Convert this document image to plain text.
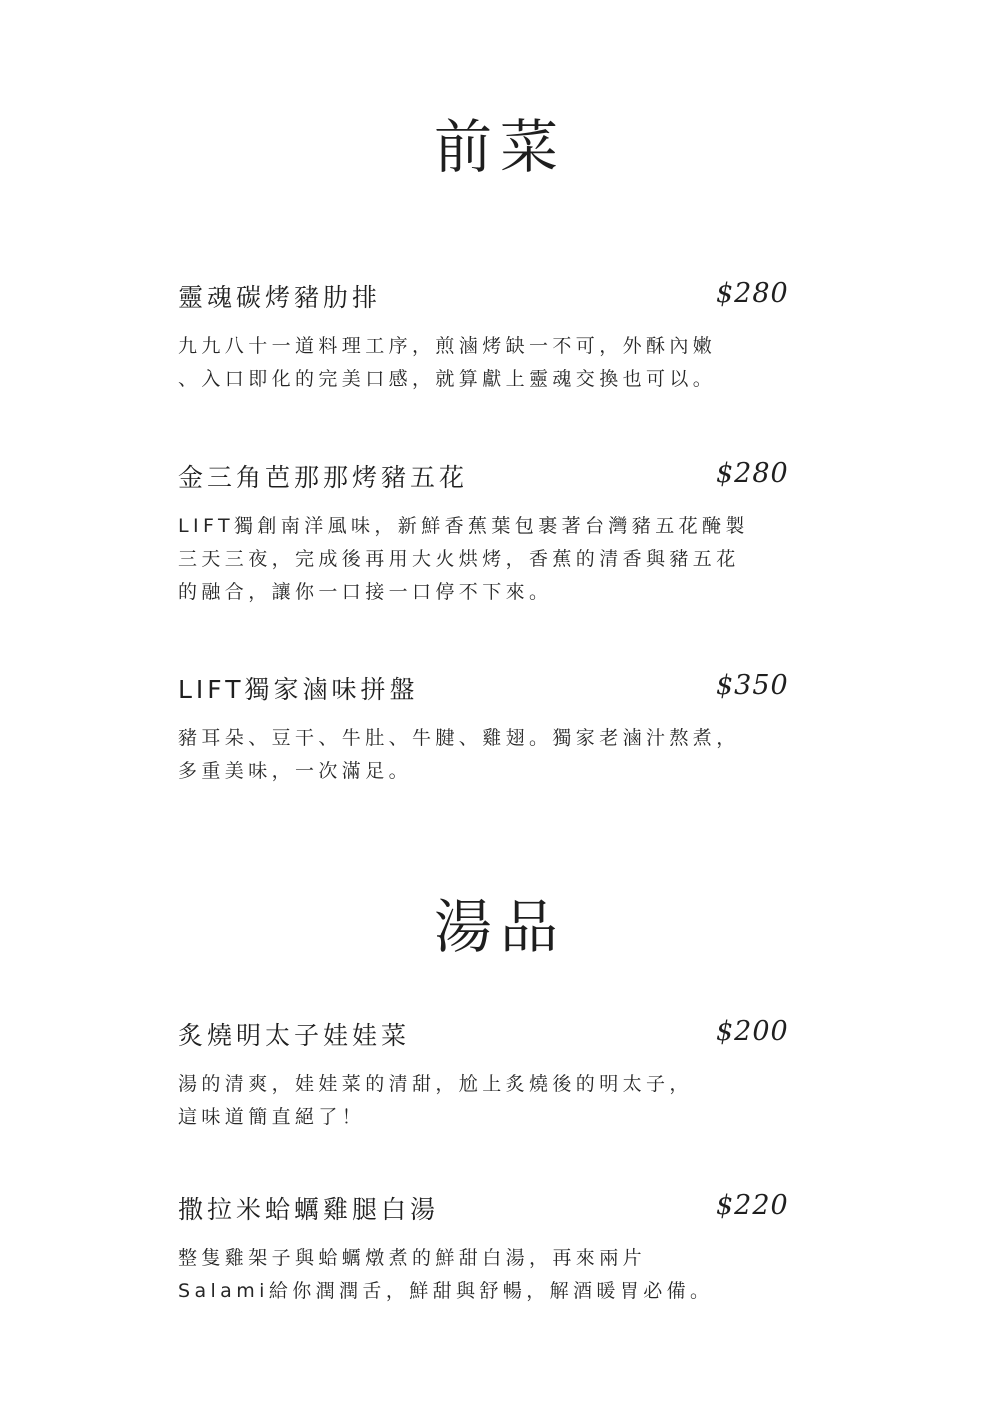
前菜
靈魂碳烤豬肋排	$280
九九八十一道料理工序，煎滷烤缺一不可，外酥內嫩
、入口即化的完美口感，就算獻上靈魂交換也可以。
金三角芭那那烤豬五花	$280
LIFT獨創南洋風味，新鮮香蕉葉包裹著台灣豬五花醃製
三天三夜，完成後再用大火烘烤，香蕉的清香與豬五花
的融合，讓你一口接一口停不下來。
LIFT獨家滷味拼盤	$350
豬耳朵、豆干、牛肚、牛腱、雞翅。獨家老滷汁熬煮，
多重美味，一次滿足。
湯品
炙燒明太子娃娃菜	$200
湯的清爽，娃娃菜的清甜，尬上炙燒後的明太子，
這味道簡直絕了！
撒拉米蛤蠣雞腿白湯	$220
整隻雞架子與蛤蠣燉煮的鮮甜白湯，再來兩片
Salami給你潤潤舌，鮮甜與舒暢，解酒暖胃必備。
